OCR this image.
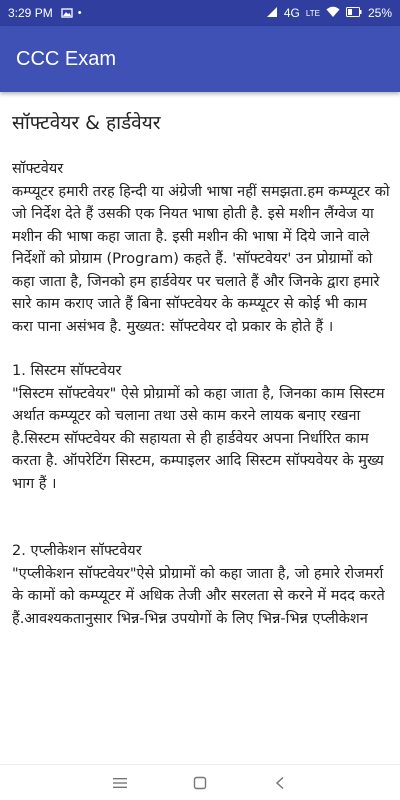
3:29 PM •	4G LTE	25%
CCC Exam
सॉफ्टवेयर & हार्डवेयर

सॉफ्टवेयर

कम्प्यूटर हमारी तरह हिन्दी या अंग्रेजी भाषा नहीं समझता.हम कम्प्यूटर को जो निर्देश देते हैं उसकी एक नियत भाषा होती है. इसे मशीन लैंग्वेज या मशीन की भाषा कहा जाता है. इसी मशीन की भाषा में दिये जाने वाले निर्देशों को प्रोग्राम (Program) कहते हैं. 'सॉफ्टवेयर' उन प्रोग्रामों को कहा जाता है, जिनको हम हार्डवेयर पर चलाते हैं और जिनके द्वारा हमारे सारे काम कराए जाते हैं बिना सॉफ्टवेयर के कम्प्यूटर से कोई भी काम करा पाना असंभव है. मुख्यत: सॉफ्टवेयर दो प्रकार के होते हैं ।

1. सिस्टम सॉफ्टवेयर

"सिस्टम सॉफ्टवेयर" ऐसे प्रोग्रामों को कहा जाता है, जिनका काम सिस्टम अर्थात कम्प्यूटर को चलाना तथा उसे काम करने लायक बनाए रखना है.सिस्टम सॉफ्टवेयर की सहायता से ही हार्डवेयर अपना निर्धारित काम करता है. ऑपरेटिंग सिस्टम, कम्पाइलर आदि सिस्टम सॉफ्यवेयर के मुख्य भाग हैं ।

2. एप्लीकेशन सॉफ्टवेयर

"एप्लीकेशन सॉफ्टवेयर"ऐसे प्रोग्रामों को कहा जाता है, जो हमारे रोजमर्रा के कामों को कम्प्यूटर में अधिक तेजी और सरलता से करने में मदद करते हैं.आवश्यकतानुसार भिन्न-भिन्न उपयोगों के लिए भिन्न-भिन्न एप्लीकेशन
